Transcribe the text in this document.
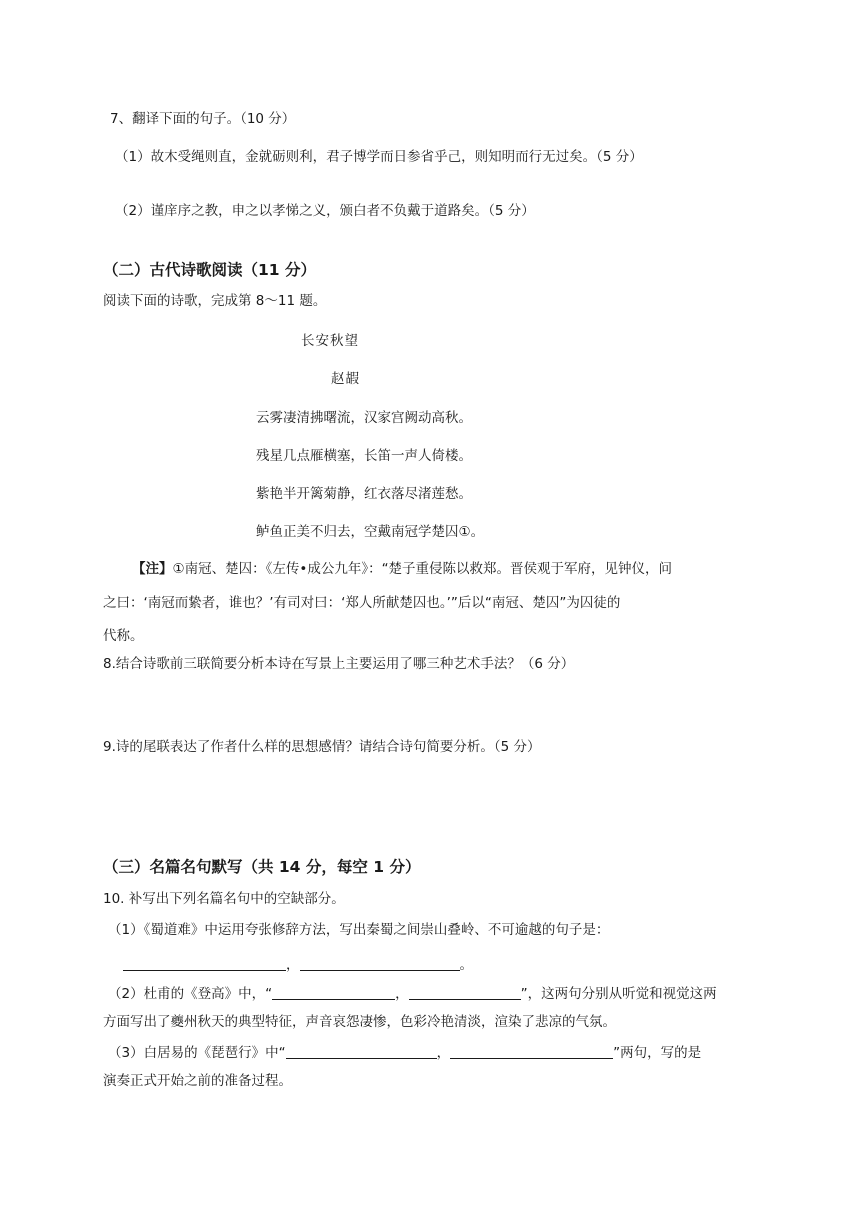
7、翻译下面的句子。（10 分）
（1）故木受绳则直，金就砺则利，君子博学而日参省乎己，则知明而行无过矣。（5 分）
（2）谨庠序之教，申之以孝悌之义，颁白者不负戴于道路矣。（5 分）
（二）古代诗歌阅读（11 分）
阅读下面的诗歌，完成第 8～11 题。
长安秋望
赵嘏
云雾凄清拂曙流，汉家宫阙动高秋。
残星几点雁横塞，长笛一声人倚楼。
紫艳半开篱菊静，红衣落尽渚莲愁。
鲈鱼正美不归去，空戴南冠学楚囚①。
【注】①南冠、楚囚：《左传•成公九年》：“楚子重侵陈以救郑。晋侯观于军府，见钟仪，问
之曰：‘南冠而絷者，谁也？’有司对曰：‘郑人所献楚囚也。’”后以“南冠、楚囚”为囚徒的
代称。
8.结合诗歌前三联简要分析本诗在写景上主要运用了哪三种艺术手法？（6 分）
9.诗的尾联表达了作者什么样的思想感情？请结合诗句简要分析。（5 分）
（三）名篇名句默写（共 14 分，每空 1 分）
10. 补写出下列名篇名句中的空缺部分。
（1）《蜀道难》中运用夸张修辞方法，写出秦蜀之间崇山叠岭、不可逾越的句子是：
，	。
（2）杜甫的《登高》中，“	，	”，这两句分别从听觉和视觉这两
方面写出了夔州秋天的典型特征，声音哀怨凄惨，色彩冷艳清淡，渲染了悲凉的气氛。
（3）白居易的《琵琶行》中“	，	”两句，写的是
演奏正式开始之前的准备过程。
